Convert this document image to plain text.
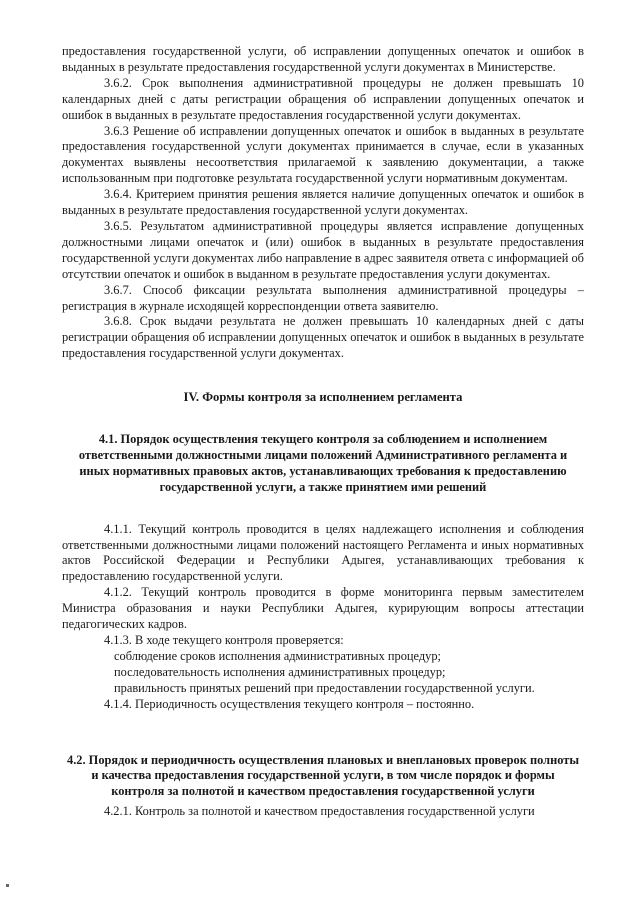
предоставления государственной услуги, об исправлении допущенных опечаток и ошибок в выданных в результате предоставления государственной услуги документах в Министерстве.

3.6.2. Срок выполнения административной процедуры не должен превышать 10 календарных дней с даты регистрации обращения об исправлении допущенных опечаток и ошибок в выданных в результате предоставления государственной услуги документах.

3.6.3 Решение об исправлении допущенных опечаток и ошибок в выданных в результате предоставления государственной услуги документах принимается в случае, если в указанных документах выявлены несоответствия прилагаемой к заявлению документации, а также использованным при подготовке результата государственной услуги нормативным документам.

3.6.4. Критерием принятия решения является наличие допущенных опечаток и ошибок в выданных в результате предоставления государственной услуги документах.

3.6.5. Результатом административной процедуры является исправление допущенных должностными лицами опечаток и (или) ошибок в выданных в результате предоставления государственной услуги документах либо направление в адрес заявителя ответа с информацией об отсутствии опечаток и ошибок в выданном в результате предоставления услуги документах.

3.6.7. Способ фиксации результата выполнения административной процедуры – регистрация в журнале исходящей корреспонденции ответа заявителю.

3.6.8. Срок выдачи результата не должен превышать 10 календарных дней с даты регистрации обращения об исправлении допущенных опечаток и ошибок в выданных в результате предоставления государственной услуги документах.

IV. Формы контроля за исполнением регламента

4.1. Порядок осуществления текущего контроля за соблюдением и исполнением ответственными должностными лицами положений Административного регламента и иных нормативных правовых актов, устанавливающих требования к предоставлению государственной услуги, а также принятием ими решений

4.1.1. Текущий контроль проводится в целях надлежащего исполнения и соблюдения ответственными должностными лицами положений настоящего Регламента и иных нормативных актов Российской Федерации и Республики Адыгея, устанавливающих требования к предоставлению государственной услуги.

4.1.2. Текущий контроль проводится в форме мониторинга первым заместителем Министра образования и науки Республики Адыгея, курирующим вопросы аттестации педагогических кадров.

4.1.3. В ходе текущего контроля проверяется:

соблюдение сроков исполнения административных процедур;

последовательность исполнения административных процедур;

правильность принятых решений при предоставлении государственной услуги.

4.1.4. Периодичность осуществления текущего контроля – постоянно.

4.2. Порядок и периодичность осуществления плановых и внеплановых проверок полноты и качества предоставления государственной услуги, в том числе порядок и формы контроля за полнотой и качеством предоставления государственной услуги

4.2.1. Контроль за полнотой и качеством предоставления государственной услуги
